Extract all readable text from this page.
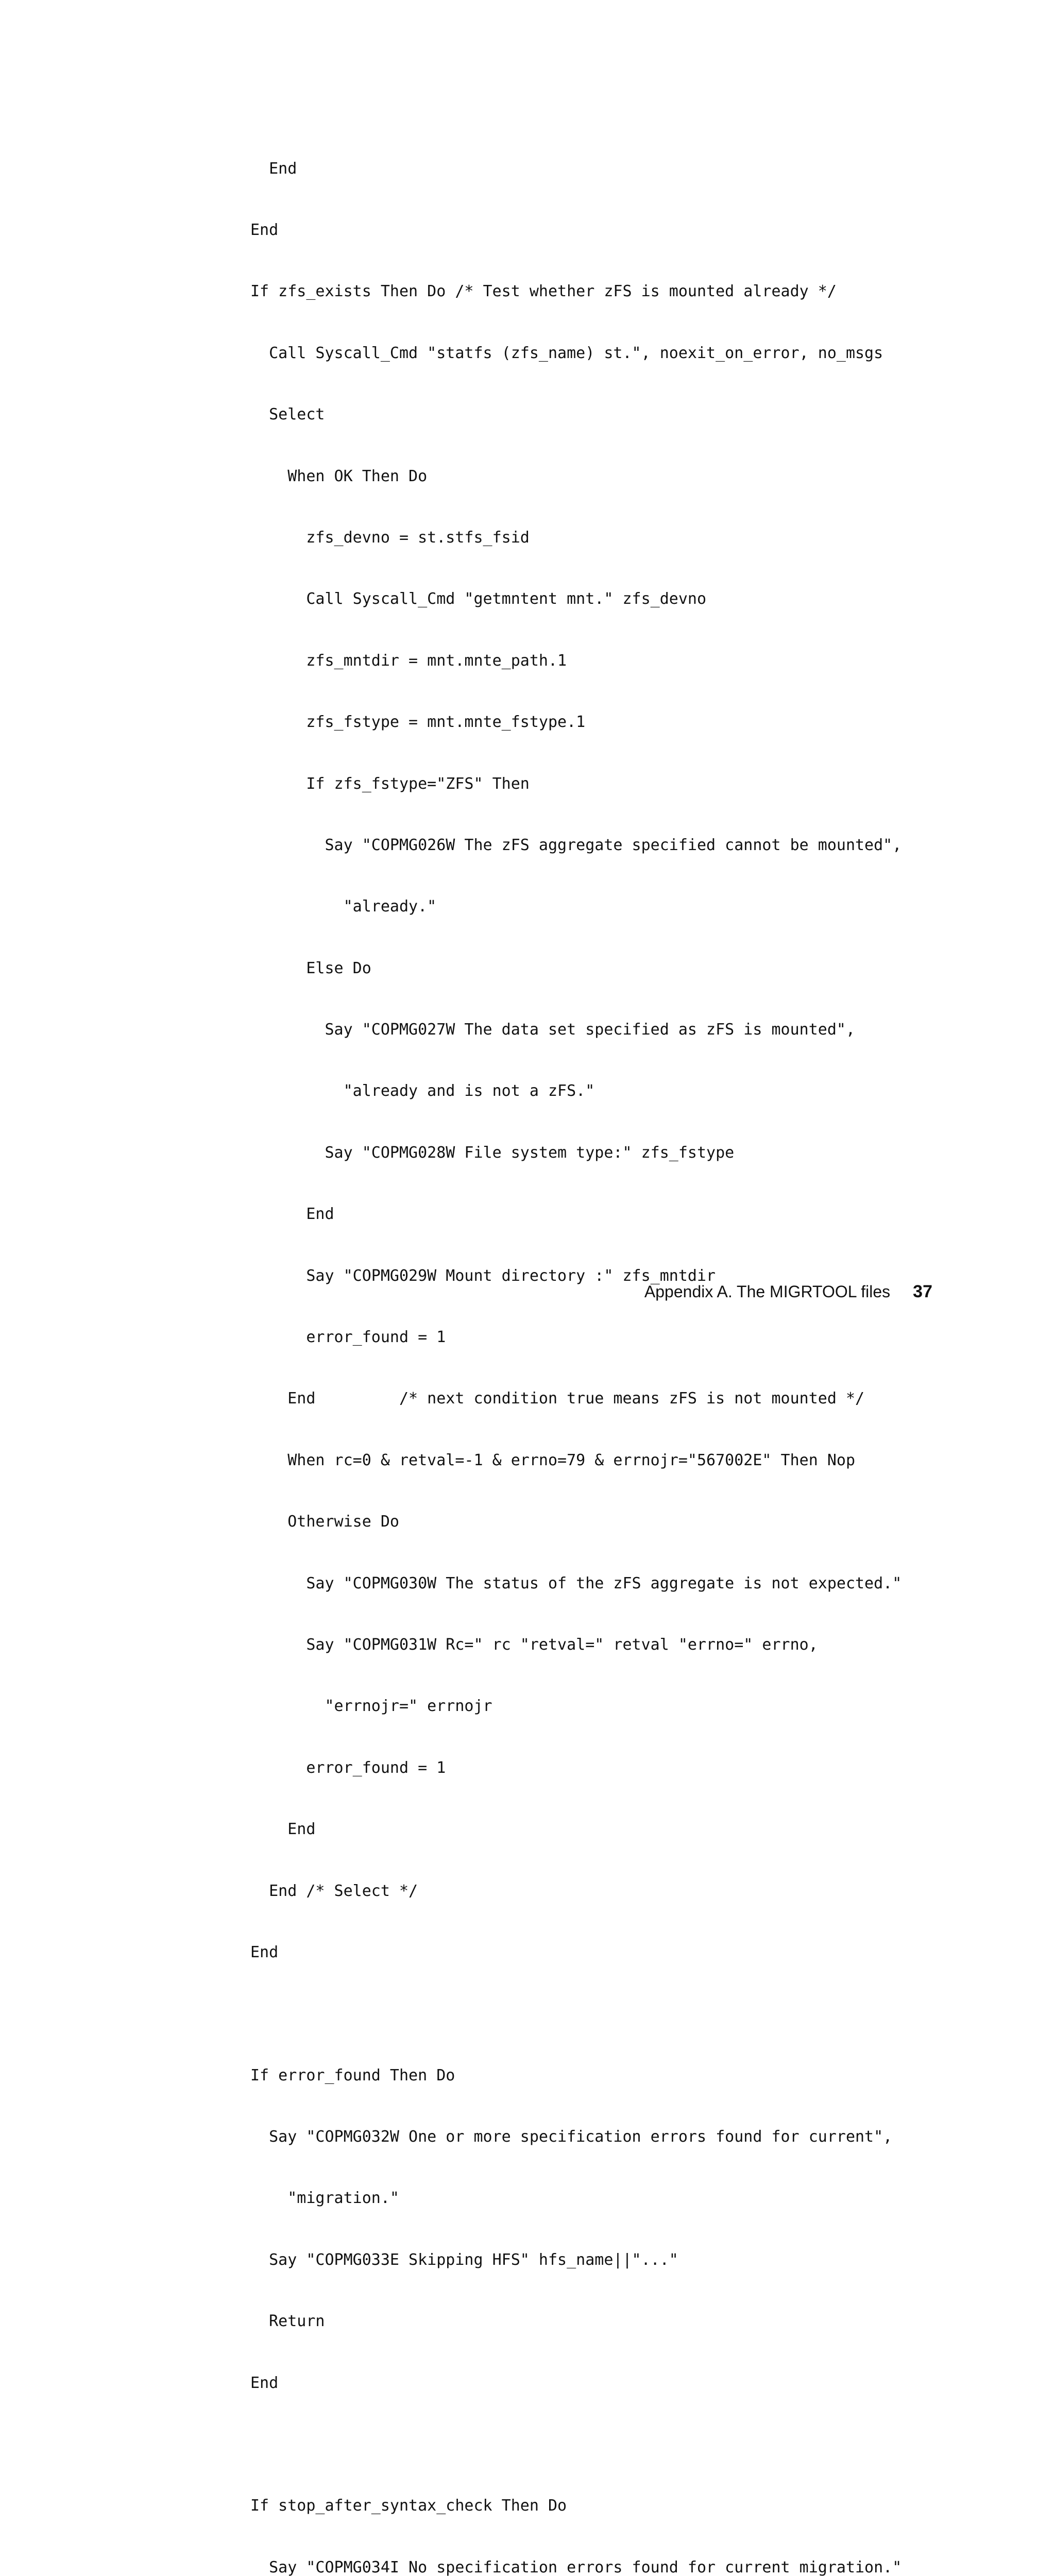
End

End

If zfs_exists Then Do /* Test whether zFS is mounted already */

Call Syscall_Cmd "statfs (zfs_name) st.", noexit_on_error, no_msgs

Select

When OK Then Do

zfs_devno = st.stfs_fsid

Call Syscall_Cmd "getmntent mnt." zfs_devno

zfs_mntdir = mnt.mnte_path.1

zfs_fstype = mnt.mnte_fstype.1

If zfs_fstype="ZFS" Then

Say "COPMG026W The zFS aggregate specified cannot be mounted",

"already."

Else Do

Say "COPMG027W The data set specified as zFS is mounted",

"already and is not a zFS."

Say "COPMG028W File system type:" zfs_fstype

End

Say "COPMG029W Mount directory :" zfs_mntdir

error_found = 1

End         /* next condition true means zFS is not mounted */

When rc=0 & retval=-1 & errno=79 & errnojr="567002E" Then Nop

Otherwise Do

Say "COPMG030W The status of the zFS aggregate is not expected."

Say "COPMG031W Rc=" rc "retval=" retval "errno=" errno,

"errnojr=" errnojr

error_found = 1

End

End /* Select */

End

If error_found Then Do

Say "COPMG032W One or more specification errors found for current",

"migration."

Say "COPMG033E Skipping HFS" hfs_name||"..."

Return

End

If stop_after_syntax_check Then Do

Say "COPMG034I No specification errors found for current migration."

Appendix A. The MIGRTOOL files 37
